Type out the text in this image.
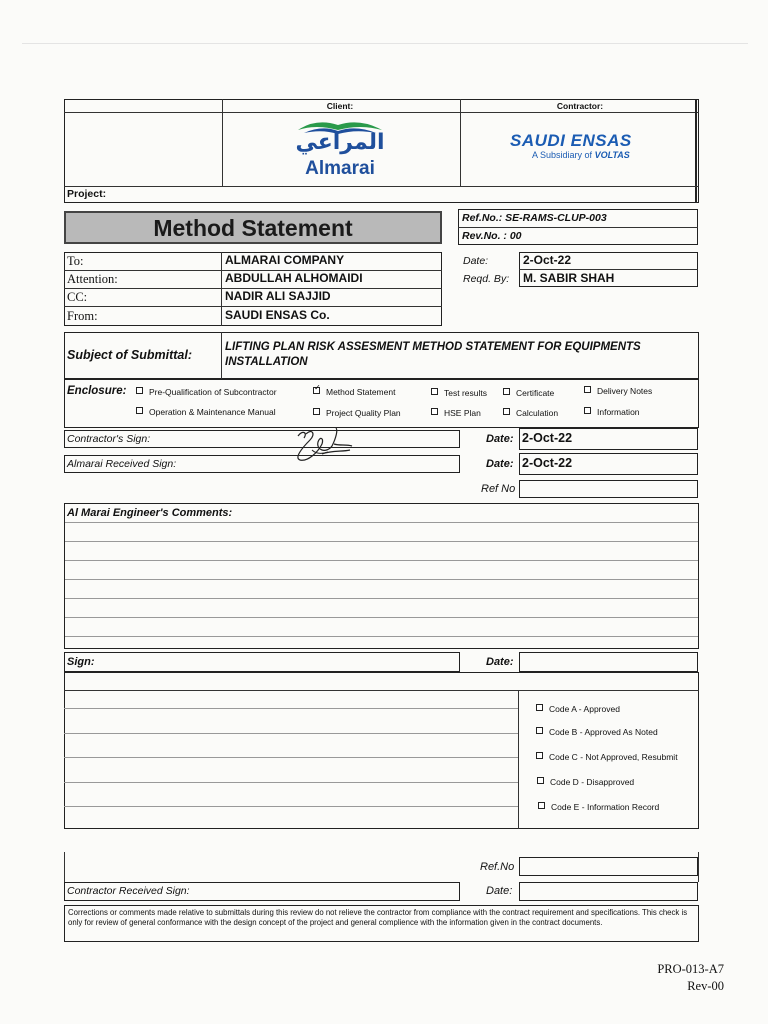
Client:	Contractor:
المراعي
Almarai
SAUDI ENSAS
A Subsidiary of VOLTAS
Project:
Method Statement	Ref.No.: SE-RAMS-CLUP-003
Rev.No. : 00
To:
Attention:
CC:
From:
ALMARAI COMPANY
ABDULLAH ALHOMAIDI
NADIR ALI SAJJID
SAUDI ENSAS Co.
Date:
Reqd. By:
2-Oct-22
M. SABIR SHAH
Subject of Submittal:
LIFTING PLAN RISK ASSESMENT METHOD STATEMENT FOR EQUIPMENTS
INSTALLATION
Enclosure:	Pre-Qualification of Subcontractor
✓	Method Statement	Test results	Certificate	Delivery Notes
Operation & Maintenance Manual	Project Quality Plan	HSE Plan	Calculation	Information
Contractor's Sign:
Almarai Received Sign:
Date:
Date:
2-Oct-22
2-Oct-22
Ref No
Al Marai Engineer's Comments:
Sign:	Date:
Code A - Approved
Code B - Approved As Noted
Code C - Not Approved, Resubmit
Code D - Disapproved
Code E - Information Record
Ref.No
Contractor Received Sign:	Date:
Corrections or comments made relative to submittals during this review do not relieve the contractor from compliance with the contract requirement and specifications. This check is only for review of general conformance with the design concept of the project and general complience with the information given in the contract documents.
PRO-013-A7
Rev-00
